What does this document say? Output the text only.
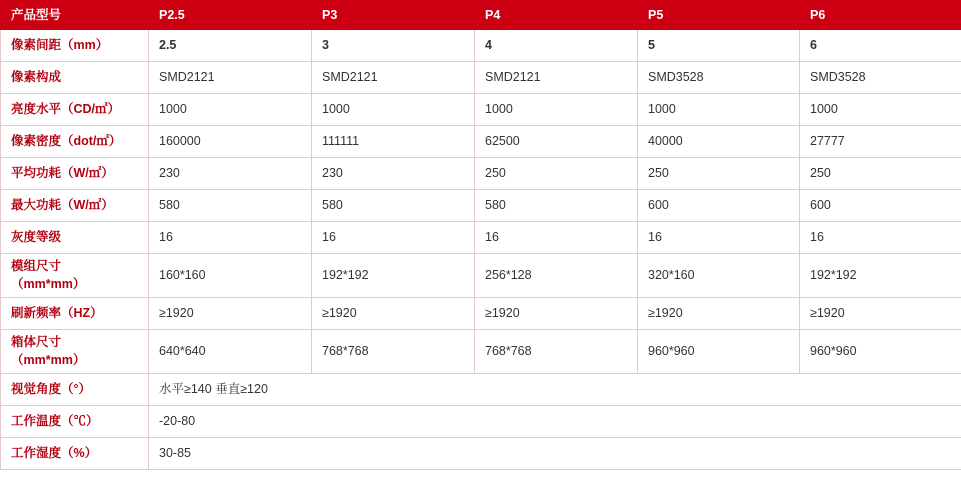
产品型号	P2.5	P3	P4	P5	P6

像素间距（mm）	2.5	3	4	5	6

像素构成	SMD2121	SMD2121	SMD2121	SMD3528	SMD3528

亮度水平（CD/㎡）	1000	1000	1000	1000	1000

像素密度（dot/㎡）	160000	111111	62500	40000	27777

平均功耗（W/㎡）	230	230	250	250	250

最大功耗（W/㎡）	580	580	580	600	600

灰度等级	16	16	16	16	16

模组尺寸
（mm*mm）	160*160	192*192	256*128	320*160	192*192

刷新频率（HZ）	≥1920	≥1920	≥1920	≥1920	≥1920

箱体尺寸
（mm*mm）	640*640	768*768	768*768	960*960	960*960
视觉角度（°）	水平≥140 垂直≥120				
工作温度（℃）	-20-80				
工作湿度（%）	30-85				
